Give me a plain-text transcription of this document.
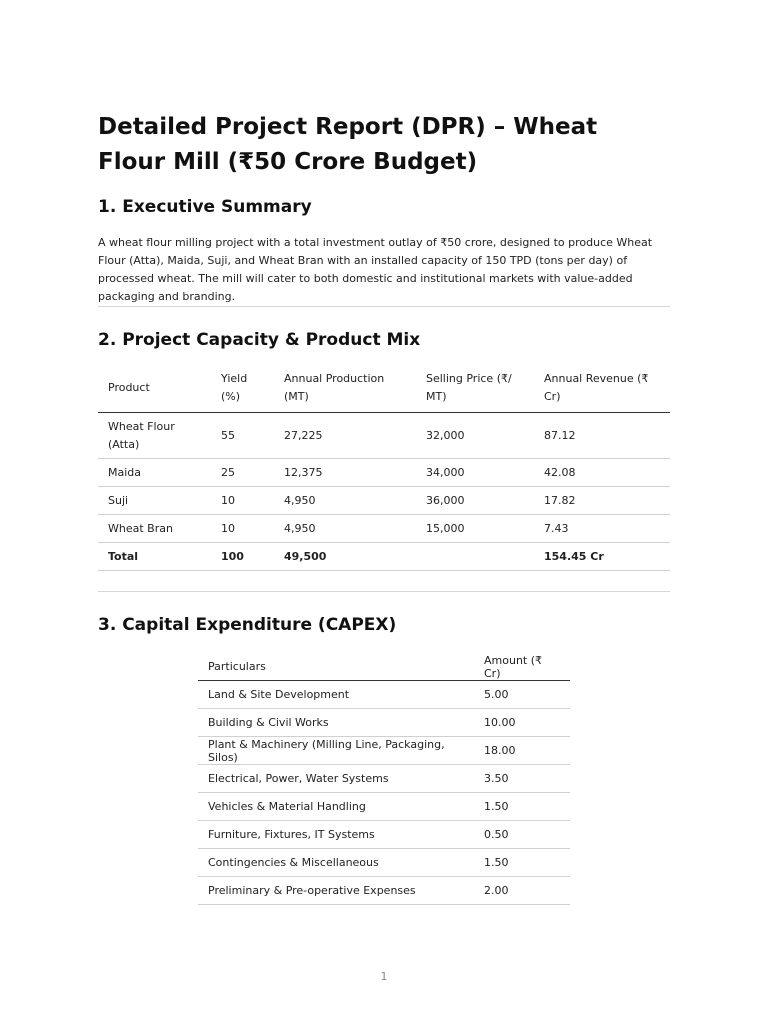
Detailed Project Report (DPR) – Wheat Flour Mill (₹50 Crore Budget)
1. Executive Summary

A wheat flour milling project with a total investment outlay of ₹50 crore, designed to produce Wheat Flour (Atta), Maida, Suji, and Wheat Bran with an installed capacity of 150 TPD (tons per day) of processed wheat. The mill will cater to both domestic and institutional markets with value-added packaging and branding.

2. Project Capacity & Product Mix
Product	Yield (%)	Annual Production (MT)	Selling Price (₹/ MT)	Annual Revenue (₹ Cr)
Wheat Flour (Atta)	55	27,225	32,000	87.12
Maida	25	12,375	34,000	42.08
Suji	10	4,950	36,000	17.82
Wheat Bran	10	4,950	15,000	7.43
Total	100	49,500		154.45 Cr
3. Capital Expenditure (CAPEX)
Particulars	Amount (₹ Cr)
Land & Site Development	5.00
Building & Civil Works	10.00
Plant & Machinery (Milling Line, Packaging, Silos)	18.00
Electrical, Power, Water Systems	3.50
Vehicles & Material Handling	1.50
Furniture, Fixtures, IT Systems	0.50
Contingencies & Miscellaneous	1.50
Preliminary & Pre-operative Expenses	2.00
1
